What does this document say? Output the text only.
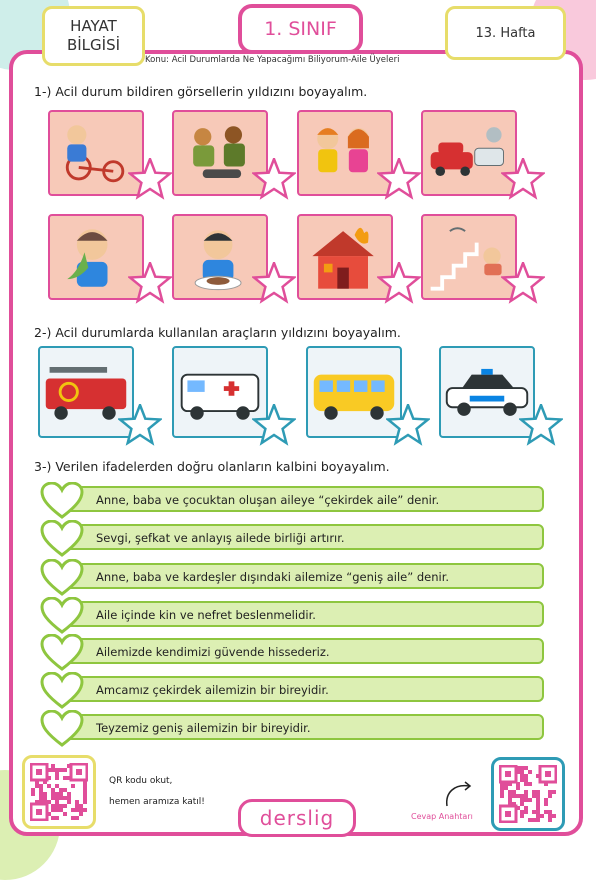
HAYAT
BİLGİSİ
1. SINIF	13. Hafta
Konu: Acil Durumlarda Ne Yapacağımı Biliyorum-Aile Üyeleri
1-) Acil durum bildiren görsellerin yıldızını boyayalım.
2-) Acil durumlarda kullanılan araçların yıldızını boyayalım.
3-) Verilen ifadelerden doğru olanların kalbini boyayalım.
Anne, baba ve çocuktan oluşan aileye “çekirdek aile” denir.
Sevgi, şefkat ve anlayış ailede birliği artırır.
Anne, baba ve kardeşler dışındaki ailemize “geniş aile” denir.
Aile içinde kin ve nefret beslenmelidir.
Ailemizde kendimizi güvende hissederiz.
Amcamız çekirdek ailemizin bir bireyidir.
Teyzemiz geniş ailemizin bir bireyidir.
QR kodu okut,
hemen aramıza katıl!
derslig	Cevap Anahtarı
